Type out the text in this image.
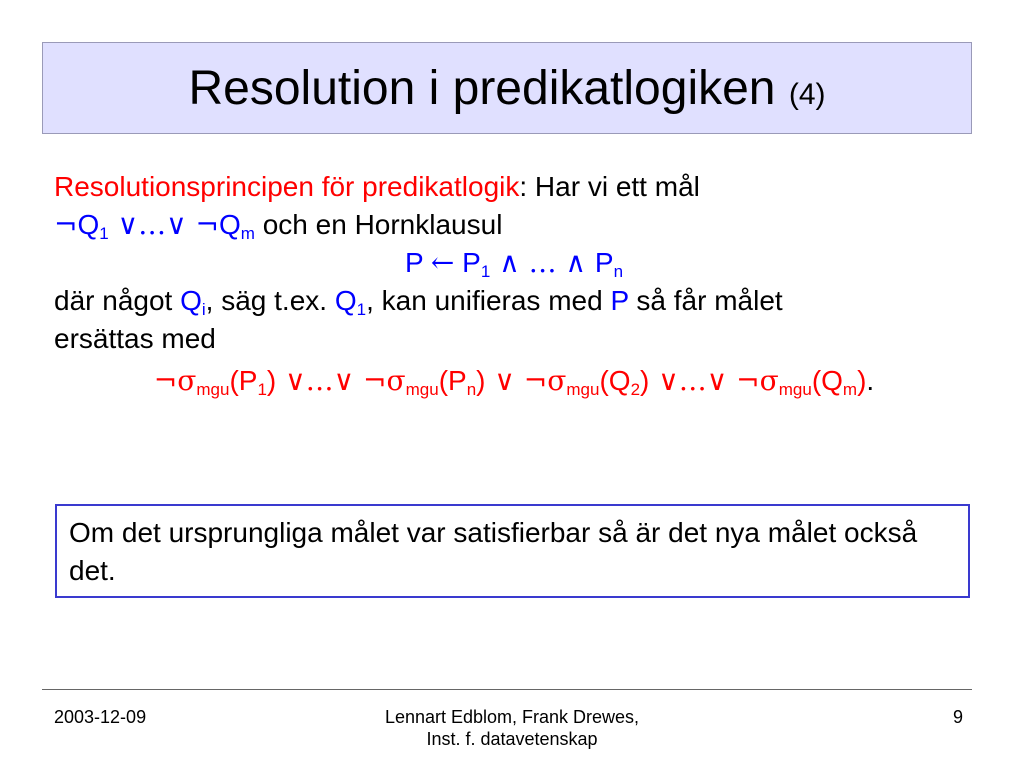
Resolution i predikatlogiken (4)
Resolutionsprincipen för predikatlogik: Har vi ett mål
$\neg Q_1$ ∨…∨ $\neg Q_m$ och en Hornklausul
P ← $P_1$ ∧ … ∧ $P_n$
där något $Q_i$, säg t.ex. $Q_1$, kan unifieras med P så får målet
ersättas med
$\neg\sigma_{mgu}(P_1)$ ∨…∨ $\neg\sigma_{mgu}(P_n)$ ∨ $\neg\sigma_{mgu}(Q_2)$ ∨…∨ $\neg\sigma_{mgu}(Q_m)$.
Om det ursprungliga målet var satisfierbar så är det nya målet också det.
2003-12-09	Lennart Edblom, Frank Drewes,
Inst. f. datavetenskap
9
